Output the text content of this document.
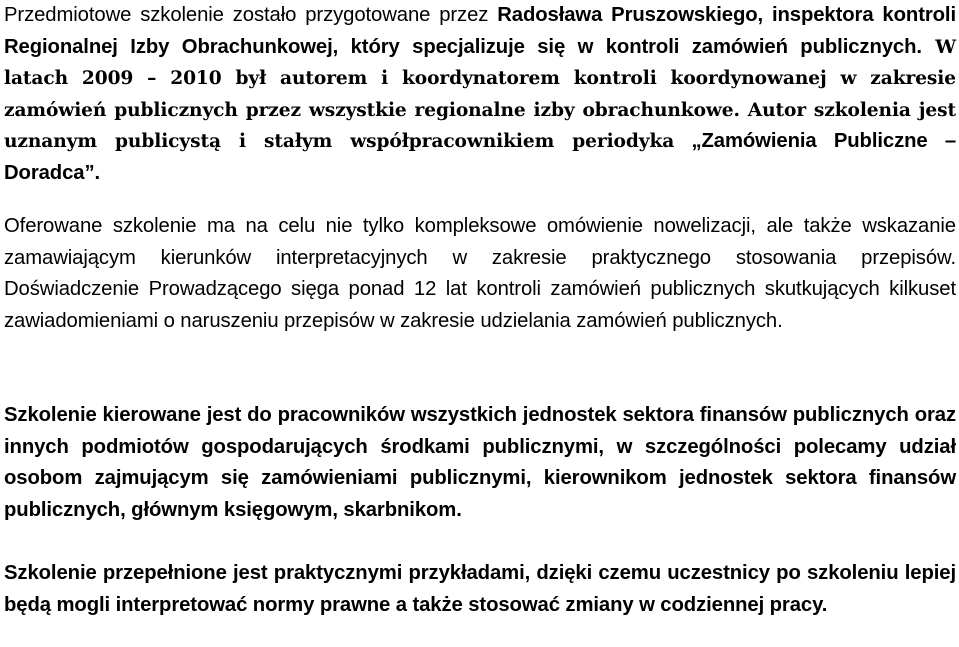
Przedmiotowe szkolenie zostało przygotowane przez Radosława Pruszowskiego, inspektora kontroli Regionalnej Izby Obrachunkowej, który specjalizuje się w kontroli zamówień publicznych. W latach 2009 – 2010 był autorem i koordynatorem kontroli koordynowanej w zakresie zamówień publicznych przez wszystkie regionalne izby obrachunkowe. Autor szkolenia jest uznanym publicystą i stałym współpracownikiem periodyka „Zamówienia Publiczne – Doradca”.

Oferowane szkolenie ma na celu nie tylko kompleksowe omówienie nowelizacji, ale także wskazanie zamawiającym kierunków interpretacyjnych w zakresie praktycznego stosowania przepisów. Doświadczenie Prowadzącego sięga ponad 12 lat kontroli zamówień publicznych skutkujących kilkuset zawiadomieniami o naruszeniu przepisów w zakresie udzielania zamówień publicznych.

Szkolenie kierowane jest do pracowników wszystkich jednostek sektora finansów publicznych oraz innych podmiotów gospodarujących środkami publicznymi, w szczególności polecamy udział osobom zajmującym się zamówieniami publicznymi, kierownikom jednostek sektora finansów publicznych, głównym księgowym, skarbnikom.

Szkolenie przepełnione jest praktycznymi przykładami, dzięki czemu uczestnicy po szkoleniu lepiej będą mogli interpretować normy prawne a także stosować zmiany w codziennej pracy.
